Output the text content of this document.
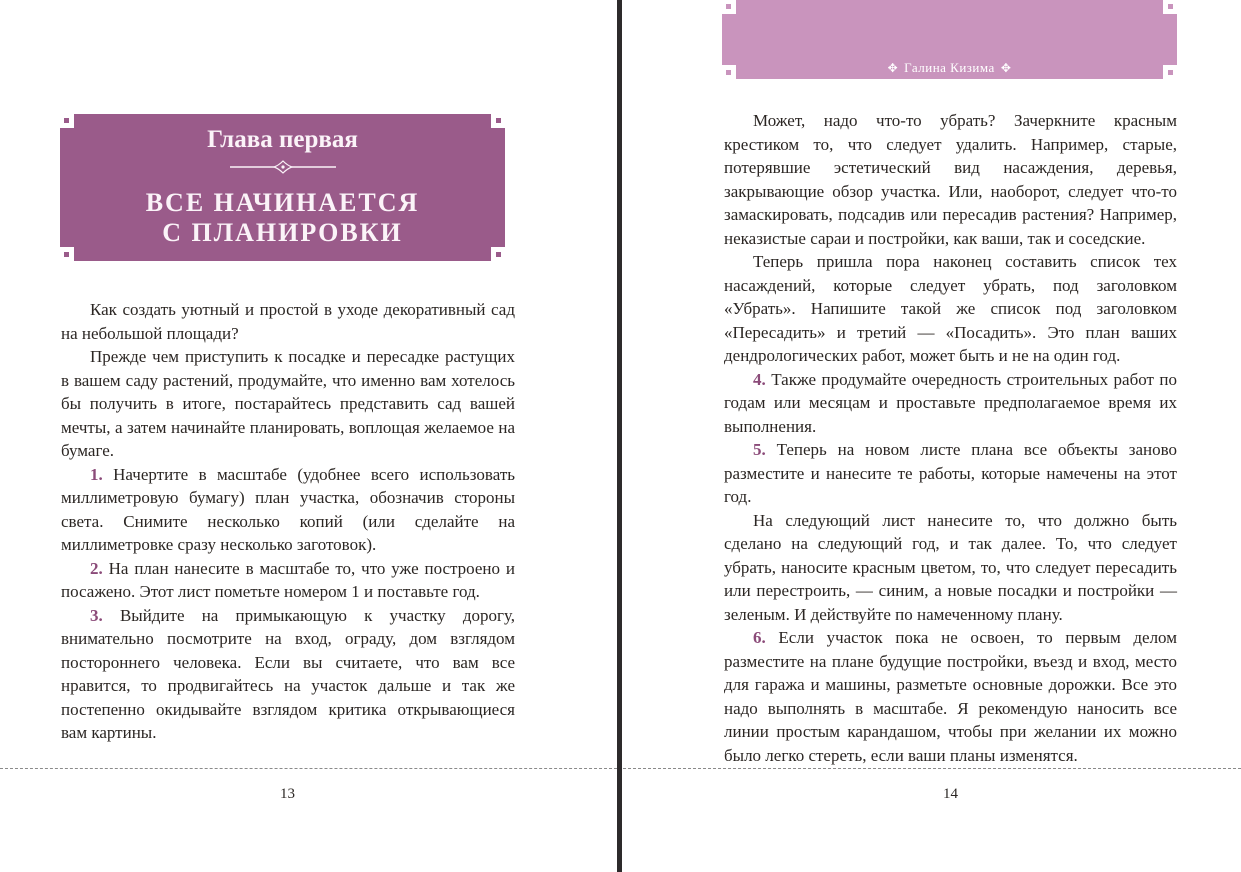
Глава первая
ВСЕ НАЧИНАЕТСЯ
С ПЛАНИРОВКИ

Как создать уютный и простой в уходе декоративный сад на небольшой площади?

Прежде чем приступить к посадке и пересадке растущих в вашем саду растений, продумайте, что именно вам хотелось бы получить в итоге, постарайтесь представить сад вашей мечты, а затем начинайте планировать, воплощая желаемое на бумаге.

1. Начертите в масштабе (удобнее всего использовать миллиметровую бумагу) план участка, обозначив стороны света. Снимите несколько копий (или сделайте на миллиметровке сразу несколько заготовок).

2. На план нанесите в масштабе то, что уже построено и посажено. Этот лист пометьте номером 1 и поставьте год.

3. Выйдите на примыкающую к участку дорогу, внимательно посмотрите на вход, ограду, дом взглядом постороннего человека. Если вы считаете, что вам все нравится, то продвигайтесь на участок дальше и так же постепенно окидывайте взглядом критика открывающиеся вам картины.

13
✥ Галина Кизима ✥

Может, надо что-то убрать? Зачеркните красным крестиком то, что следует удалить. Например, старые, потерявшие эстетический вид насаждения, деревья, закрывающие обзор участка. Или, наоборот, следует что-то замаскировать, подсадив или пересадив растения? Например, неказистые сараи и постройки, как ваши, так и соседские.

Теперь пришла пора наконец составить список тех насаждений, которые следует убрать, под заголовком «Убрать». Напишите такой же список под заголовком «Пересадить» и третий — «Посадить». Это план ваших дендрологических работ, может быть и не на один год.

4. Также продумайте очередность строительных работ по годам или месяцам и проставьте предполагаемое время их выполнения.

5. Теперь на новом листе плана все объекты заново разместите и нанесите те работы, которые намечены на этот год.

На следующий лист нанесите то, что должно быть сделано на следующий год, и так далее. То, что следует убрать, наносите красным цветом, то, что следует пересадить или перестроить, — синим, а новые посадки и постройки — зеленым. И действуйте по намеченному плану.

6. Если участок пока не освоен, то первым делом разместите на плане будущие постройки, въезд и вход, место для гаража и машины, разметьте основные дорожки. Все это надо выполнять в масштабе. Я рекомендую наносить все линии простым карандашом, чтобы при желании их можно было легко стереть, если ваши планы изменятся.

14
